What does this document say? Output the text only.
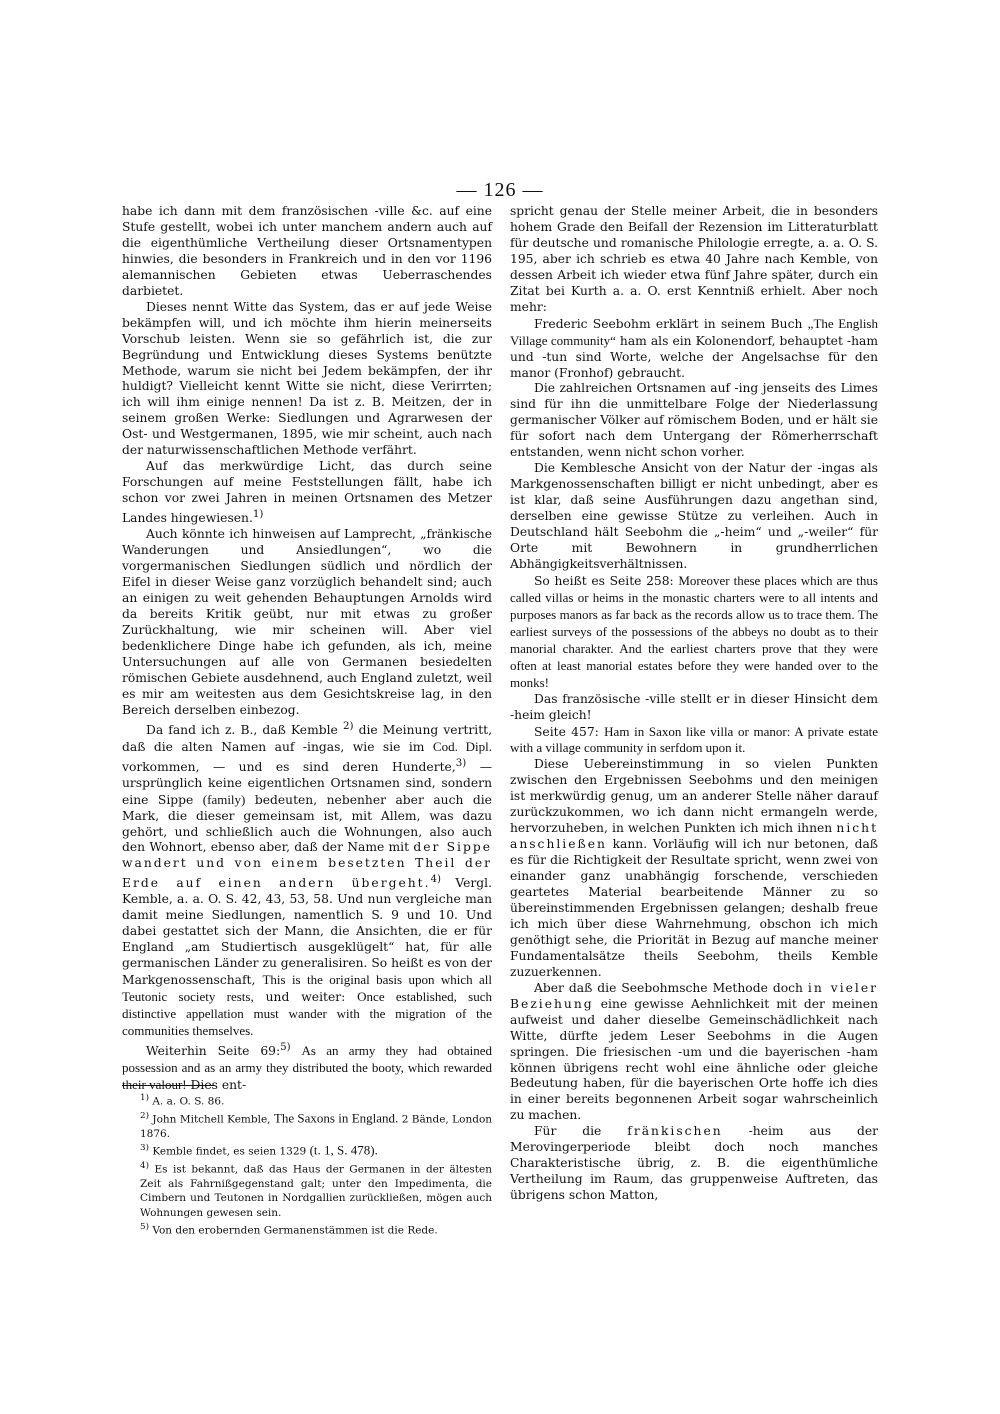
— 126 —

habe ich dann mit dem französischen -ville &c. auf eine Stufe gestellt, wobei ich unter manchem andern auch auf die eigenthümliche Vertheilung dieser Ortsnamentypen hinwies, die besonders in Frankreich und in den vor 1196 alemannischen Gebieten etwas Ueberraschendes darbietet.

Dieses nennt Witte das System, das er auf jede Weise bekämpfen will, und ich möchte ihm hierin meinerseits Vorschub leisten. Wenn sie so gefährlich ist, die zur Begründung und Entwicklung dieses Systems benützte Methode, warum sie nicht bei Jedem bekämpfen, der ihr huldigt? Vielleicht kennt Witte sie nicht, diese Verirrten; ich will ihm einige nennen! Da ist z. B. Meitzen, der in seinem großen Werke: Siedlungen und Agrarwesen der Ost- und Westgermanen, 1895, wie mir scheint, auch nach der naturwissenschaftlichen Methode verfährt.

Auf das merkwürdige Licht, das durch seine Forschungen auf meine Feststellungen fällt, habe ich schon vor zwei Jahren in meinen Ortsnamen des Metzer Landes hingewiesen.$^{1)}$

Auch könnte ich hinweisen auf Lamprecht, „fränkische Wanderungen und Ansiedlungen“, wo die vorgermanischen Siedlungen südlich und nördlich der Eifel in dieser Weise ganz vorzüglich behandelt sind; auch an einigen zu weit gehenden Behauptungen Arnolds wird da bereits Kritik geübt, nur mit etwas zu großer Zurückhaltung, wie mir scheinen will. Aber viel bedenklichere Dinge habe ich gefunden, als ich, meine Untersuchungen auf alle von Germanen besiedelten römischen Gebiete ausdehnend, auch England zuletzt, weil es mir am weitesten aus dem Gesichtskreise lag, in den Bereich derselben einbezog.

Da fand ich z. B., daß Kemble $^{2)}$ die Meinung vertritt, daß die alten Namen auf -ingas, wie sie im Cod. Dipl. vorkommen, — und es sind deren Hunderte,$^{3)}$ — ursprünglich keine eigentlichen Ortsnamen sind, sondern eine Sippe (family) bedeuten, nebenher aber auch die Mark, die dieser gemeinsam ist, mit Allem, was dazu gehört, und schließlich auch die Wohnungen, also auch den Wohnort, ebenso aber, daß der Name mit der Sippe wandert und von einem besetzten Theil der Erde auf einen andern übergeht.$^{4)}$ Vergl. Kemble, a. a. O. S. 42, 43, 53, 58. Und nun vergleiche man damit meine Siedlungen, namentlich S. 9 und 10. Und dabei gestattet sich der Mann, die Ansichten, die er für England „am Studiertisch ausgeklügelt“ hat, für alle germanischen Länder zu generalisiren. So heißt es von der Markgenossenschaft, This is the original basis upon which all Teutonic society rests, und weiter: Once established, such distinctive appellation must wander with the migration of the communities themselves.

Weiterhin Seite 69:$^{5)}$ As an army they had obtained possession and as an army they distributed the booty, which rewarded their valour! Dies ent-

$^{1)}$ A. a. O. S. 86.

$^{2)}$ John Mitchell Kemble, The Saxons in England. 2 Bände, London 1876.

$^{3)}$ Kemble findet, es seien 1329 (t. 1, S. 478).

$^{4)}$ Es ist bekannt, daß das Haus der Germanen in der ältesten Zeit als Fahrnißgegenstand galt; unter den Impedimenta, die Cimbern und Teutonen in Nordgallien zurückließen, mögen auch Wohnungen gewesen sein.

$^{5)}$ Von den erobernden Germanenstämmen ist die Rede.

spricht genau der Stelle meiner Arbeit, die in besonders hohem Grade den Beifall der Rezension im Litteraturblatt für deutsche und romanische Philologie erregte, a. a. O. S. 195, aber ich schrieb es etwa 40 Jahre nach Kemble, von dessen Arbeit ich wieder etwa fünf Jahre später, durch ein Zitat bei Kurth a. a. O. erst Kenntniß erhielt. Aber noch mehr:

Frederic Seebohm erklärt in seinem Buch „The English Village community“ ham als ein Kolonendorf, behauptet -ham und -tun sind Worte, welche der Angelsachse für den manor (Fronhof) gebraucht.

Die zahlreichen Ortsnamen auf -ing jenseits des Limes sind für ihn die unmittelbare Folge der Niederlassung germanischer Völker auf römischem Boden, und er hält sie für sofort nach dem Untergang der Römerherrschaft entstanden, wenn nicht schon vorher.

Die Kemblesche Ansicht von der Natur der -ingas als Markgenossenschaften billigt er nicht unbedingt, aber es ist klar, daß seine Ausführungen dazu angethan sind, derselben eine gewisse Stütze zu verleihen. Auch in Deutschland hält Seebohm die „-heim“ und „-weiler“ für Orte mit Bewohnern in grundherrlichen Abhängigkeitsverhältnissen.

So heißt es Seite 258: Moreover these places which are thus called villas or heims in the monastic charters were to all intents and purposes manors as far back as the records allow us to trace them. The earliest surveys of the possessions of the abbeys no doubt as to their manorial charakter. And the earliest charters prove that they were often at least manorial estates before they were handed over to the monks!

Das französische -ville stellt er in dieser Hinsicht dem -heim gleich!

Seite 457: Ham in Saxon like villa or manor: A private estate with a village community in serfdom upon it.

Diese Uebereinstimmung in so vielen Punkten zwischen den Ergebnissen Seebohms und den meinigen ist merkwürdig genug, um an anderer Stelle näher darauf zurückzukommen, wo ich dann nicht ermangeln werde, hervorzuheben, in welchen Punkten ich mich ihnen nicht anschließen kann. Vorläufig will ich nur betonen, daß es für die Richtigkeit der Resultate spricht, wenn zwei von einander ganz unabhängig forschende, verschieden geartetes Material bearbeitende Männer zu so übereinstimmenden Ergebnissen gelangen; deshalb freue ich mich über diese Wahrnehmung, obschon ich mich genöthigt sehe, die Priorität in Bezug auf manche meiner Fundamentalsätze theils Seebohm, theils Kemble zuzuerkennen.

Aber daß die Seebohmsche Methode doch in vieler Beziehung eine gewisse Aehnlichkeit mit der meinen aufweist und daher dieselbe Gemeinschädlichkeit nach Witte, dürfte jedem Leser Seebohms in die Augen springen. Die friesischen -um und die bayerischen -ham können übrigens recht wohl eine ähnliche oder gleiche Bedeutung haben, für die bayerischen Orte hoffe ich dies in einer bereits begonnenen Arbeit sogar wahrscheinlich zu machen.

Für die fränkischen -heim aus der Merovingerperiode bleibt doch noch manches Charakteristische übrig, z. B. die eigenthümliche Vertheilung im Raum, das gruppenweise Auftreten, das übrigens schon Matton,
